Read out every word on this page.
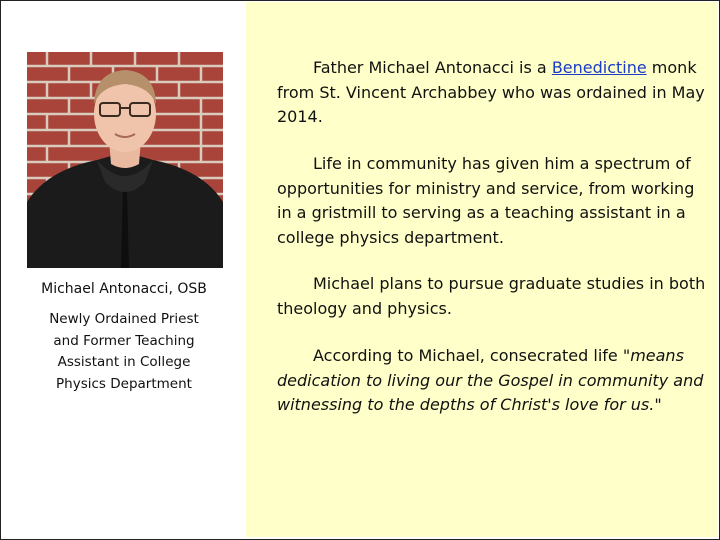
Michael Antonacci, OSB
Newly Ordained Priest
and Former Teaching
Assistant in College
Physics Department
Father Michael Antonacci is a Benedictine monk from St. Vincent Archabbey who was ordained in May 2014.
Life in community has given him a spectrum of opportunities for ministry and service, from working in a gristmill to serving as a teaching assistant in a college physics department.
Michael plans to pursue graduate studies in both theology and physics.
According to Michael, consecrated life "means dedication to living our the Gospel in community and witnessing to the depths of Christ's love for us."
